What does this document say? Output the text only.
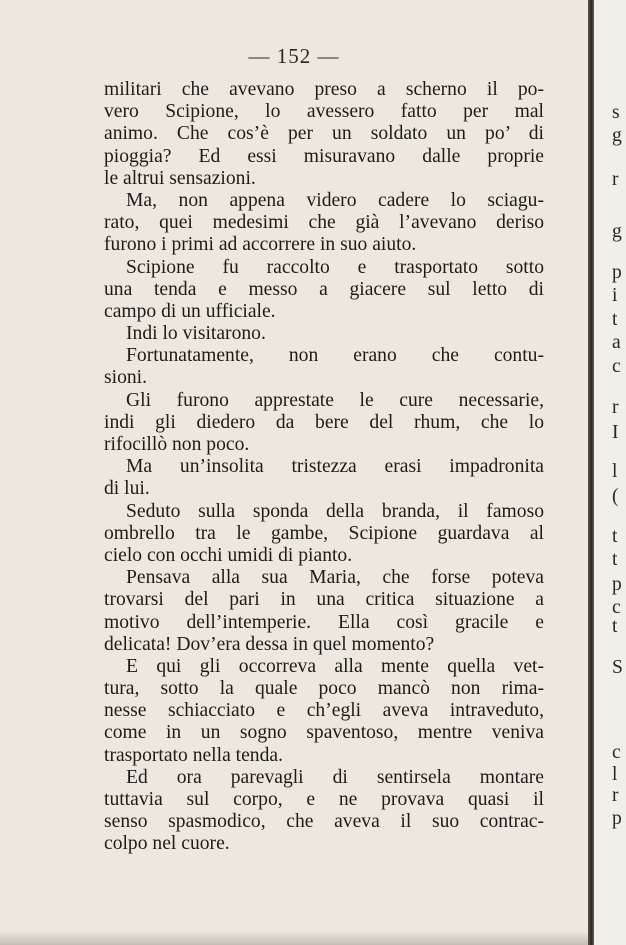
— 152 —
militari che avevano preso a scherno il po-
vero Scipione, lo avessero fatto per mal
animo. Che cos’è per un soldato un po’ di
pioggia? Ed essi misuravano dalle proprie
le altrui sensazioni.
Ma, non appena videro cadere lo sciagu-
rato, quei medesimi che già l’avevano deriso
furono i primi ad accorrere in suo aiuto.
Scipione fu raccolto e trasportato sotto
una tenda e messo a giacere sul letto di
campo di un ufficiale.
Indi lo visitarono.
Fortunatamente, non erano che contu-
sioni.
Gli furono apprestate le cure necessarie,
indi gli diedero da bere del rhum, che lo
rifocillò non poco.
Ma un’insolita tristezza erasi impadronita
di lui.
Seduto sulla sponda della branda, il famoso
ombrello tra le gambe, Scipione guardava al
cielo con occhi umidi di pianto.
Pensava alla sua Maria, che forse poteva
trovarsi del pari in una critica situazione a
motivo dell’intemperie. Ella così gracile e
delicata! Dov’era dessa in quel momento?
E qui gli occorreva alla mente quella vet-
tura, sotto la quale poco mancò non rima-
nesse schiacciato e ch’egli aveva intraveduto,
come in un sogno spaventoso, mentre veniva
trasportato nella tenda.
Ed ora parevagli di sentirsela montare
tuttavia sul corpo, e ne provava quasi il
senso spasmodico, che aveva il suo contrac-
colpo nel cuore.
s
g
r
g
p
i
t
a
c
r
I
l
(
t
t
p
c
t
S
c
l
r
p
